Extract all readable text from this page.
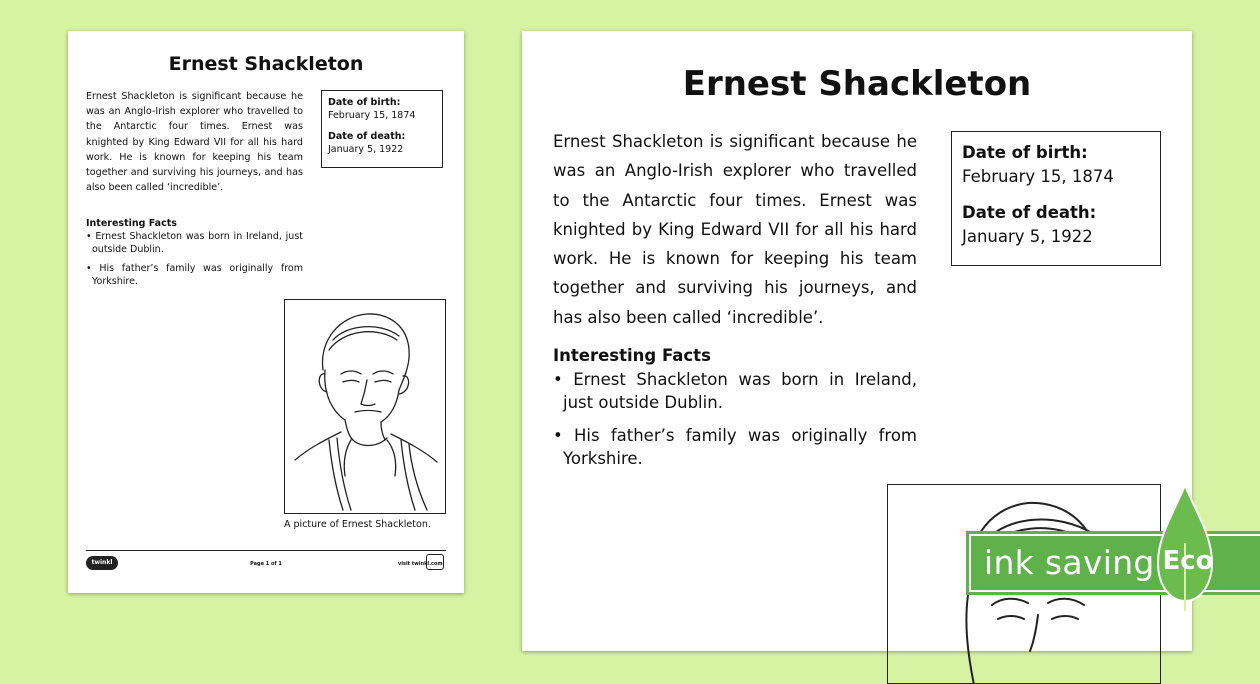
Ernest Shackleton
Ernest Shackleton is significant because he was an Anglo-Irish explorer who travelled to the Antarctic four times. Ernest was knighted by King Edward VII for all his hard work. He is known for keeping his team together and surviving his journeys, and has also been called ‘incredible’.
Date of birth:
February 15, 1874
Date of death:
January 5, 1922
Interesting Facts
• Ernest Shackleton was born in Ireland, just outside Dublin.
• His father’s family was originally from Yorkshire.
A picture of Ernest Shackleton.
twinkl	Page 1 of 1	visit twinkl.com
Ernest Shackleton
Ernest Shackleton is significant because he was an Anglo-Irish explorer who travelled to the Antarctic four times. Ernest was knighted by King Edward VII for all his hard work. He is known for keeping his team together and surviving his journeys, and has also been called ‘incredible’.
Date of birth:
February 15, 1874
Date of death:
January 5, 1922
Interesting Facts
• Ernest Shackleton was born in Ireland, just outside Dublin.
• His father’s family was originally from Yorkshire.
ink saving Eco
